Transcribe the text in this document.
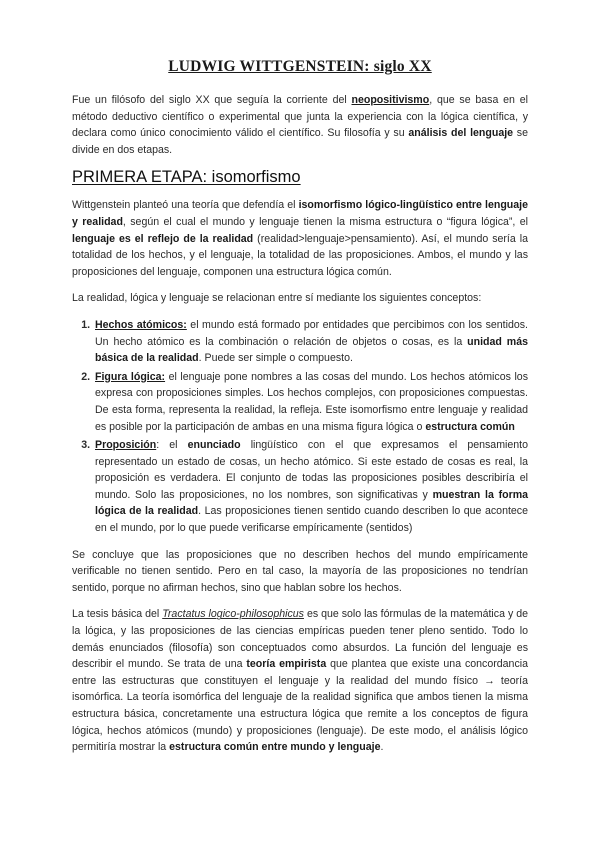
LUDWIG WITTGENSTEIN: siglo XX

Fue un filósofo del siglo XX que seguía la corriente del neopositivismo, que se basa en el método deductivo científico o experimental que junta la experiencia con la lógica científica, y declara como único conocimiento válido el científico. Su filosofía y su análisis del lenguaje se divide en dos etapas.

PRIMERA ETAPA: isomorfismo

Wittgenstein planteó una teoría que defendía el isomorfismo lógico-lingüístico entre lenguaje y realidad, según el cual el mundo y lenguaje tienen la misma estructura o “figura lógica”, el lenguaje es el reflejo de la realidad (realidad>lenguaje>pensamiento). Así, el mundo sería la totalidad de los hechos, y el lenguaje, la totalidad de las proposiciones. Ambos, el mundo y las proposiciones del lenguaje, componen una estructura lógica común.

La realidad, lógica y lenguaje se relacionan entre sí mediante los siguientes conceptos:

1. Hechos atómicos: el mundo está formado por entidades que percibimos con los sentidos. Un hecho atómico es la combinación o relación de objetos o cosas, es la unidad más básica de la realidad. Puede ser simple o compuesto.
2. Figura lógica: el lenguaje pone nombres a las cosas del mundo. Los hechos atómicos los expresa con proposiciones simples. Los hechos complejos, con proposiciones compuestas. De esta forma, representa la realidad, la refleja. Este isomorfismo entre lenguaje y realidad es posible por la participación de ambas en una misma figura lógica o estructura común
3. Proposición: el enunciado lingüístico con el que expresamos el pensamiento representado un estado de cosas, un hecho atómico. Si este estado de cosas es real, la proposición es verdadera. El conjunto de todas las proposiciones posibles describiría el mundo. Solo las proposiciones, no los nombres, son significativas y muestran la forma lógica de la realidad. Las proposiciones tienen sentido cuando describen lo que acontece en el mundo, por lo que puede verificarse empíricamente (sentidos)

Se concluye que las proposiciones que no describen hechos del mundo empíricamente verificable no tienen sentido. Pero en tal caso, la mayoría de las proposiciones no tendrían sentido, porque no afirman hechos, sino que hablan sobre los hechos.

La tesis básica del Tractatus logico-philosophicus es que solo las fórmulas de la matemática y de la lógica, y las proposiciones de las ciencias empíricas pueden tener pleno sentido. Todo lo demás enunciados (filosofía) son conceptuados como absurdos. La función del lenguaje es describir el mundo. Se trata de una teoría empirista que plantea que existe una concordancia entre las estructuras que constituyen el lenguaje y la realidad del mundo físico → teoría isomórfica. La teoría isomórfica del lenguaje de la realidad significa que ambos tienen la misma estructura básica, concretamente una estructura lógica que remite a los conceptos de figura lógica, hechos atómicos (mundo) y proposiciones (lenguaje). De este modo, el análisis lógico permitiría mostrar la estructura común entre mundo y lenguaje.
